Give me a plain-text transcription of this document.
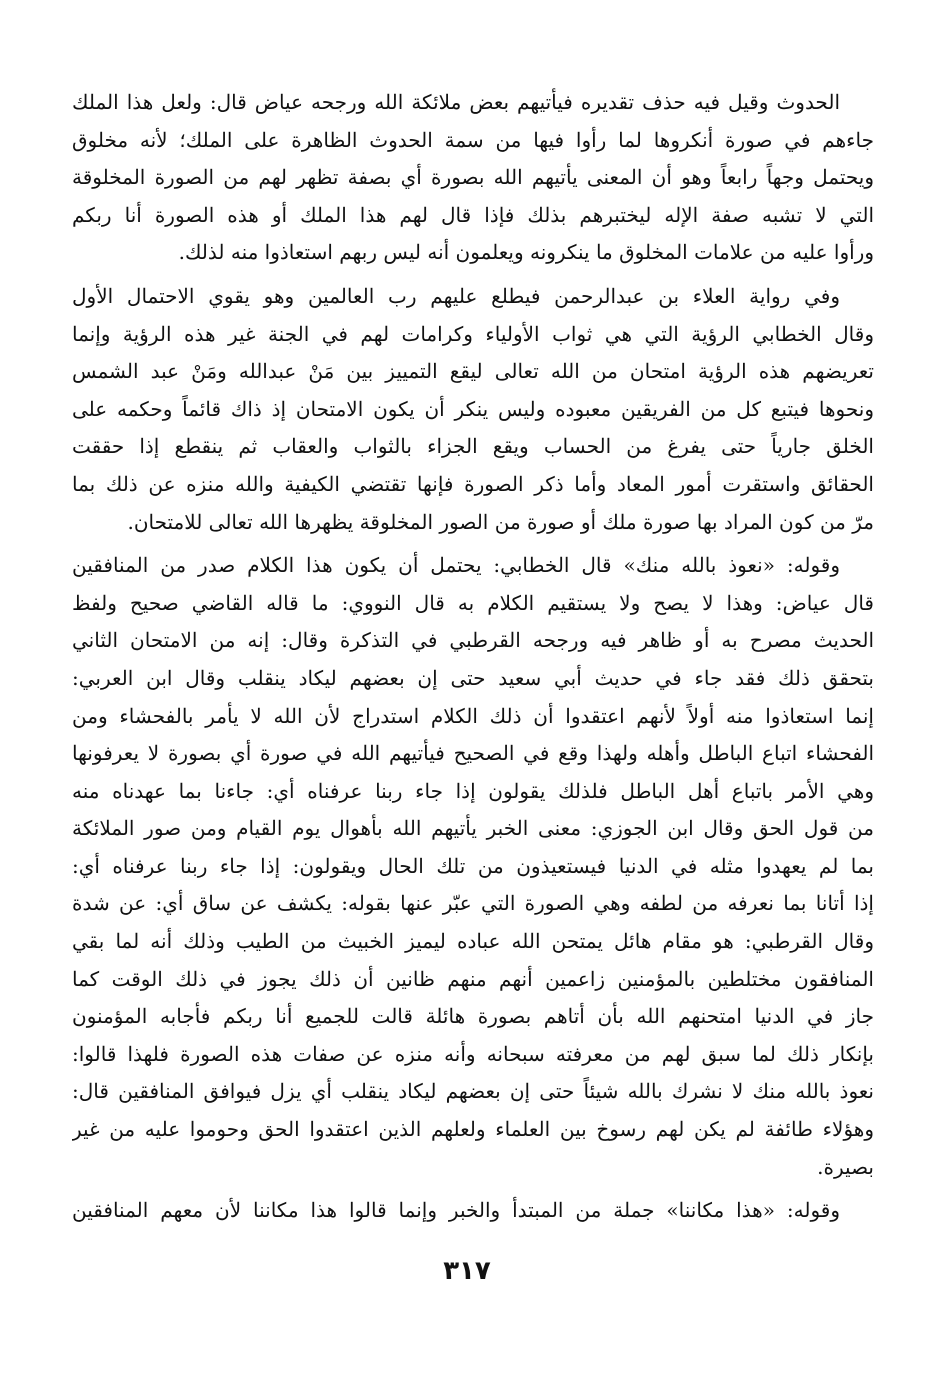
الحدوث وقيل فيه حذف تقديره فيأتيهم بعض ملائكة الله ورجحه عياض قال: ولعل هذا الملك
جاءهم في صورة أنكروها لما رأوا فيها من سمة الحدوث الظاهرة على الملك؛ لأنه مخلوق
ويحتمل وجهاً رابعاً وهو أن المعنى يأتيهم الله بصورة أي بصفة تظهر لهم من الصورة المخلوقة
التي لا تشبه صفة الإله ليختبرهم بذلك فإذا قال لهم هذا الملك أو هذه الصورة أنا ربكم
ورأوا عليه من علامات المخلوق ما ينكرونه ويعلمون أنه ليس ربهم استعاذوا منه لذلك.
وفي رواية العلاء بن عبدالرحمن فيطلع عليهم رب العالمين وهو يقوي الاحتمال الأول
وقال الخطابي الرؤية التي هي ثواب الأولياء وكرامات لهم في الجنة غير هذه الرؤية وإنما
تعريضهم هذه الرؤية امتحان من الله تعالى ليقع التمييز بين مَنْ عبدالله ومَنْ عبد الشمس
ونحوها فيتبع كل من الفريقين معبوده وليس ينكر أن يكون الامتحان إذ ذاك قائماً وحكمه على
الخلق جارياً حتى يفرغ من الحساب ويقع الجزاء بالثواب والعقاب ثم ينقطع إذا حققت
الحقائق واستقرت أمور المعاد وأما ذكر الصورة فإنها تقتضي الكيفية والله منزه عن ذلك بما
مرّ من كون المراد بها صورة ملك أو صورة من الصور المخلوقة يظهرها الله تعالى للامتحان.
وقوله: «نعوذ بالله منك» قال الخطابي: يحتمل أن يكون هذا الكلام صدر من المنافقين
قال عياض: وهذا لا يصح ولا يستقيم الكلام به قال النووي: ما قاله القاضي صحيح ولفظ
الحديث مصرح به أو ظاهر فيه ورجحه القرطبي في التذكرة وقال: إنه من الامتحان الثاني
بتحقق ذلك فقد جاء في حديث أبي سعيد حتى إن بعضهم ليكاد ينقلب وقال ابن العربي:
إنما استعاذوا منه أولاً لأنهم اعتقدوا أن ذلك الكلام استدراج لأن الله لا يأمر بالفحشاء ومن
الفحشاء اتباع الباطل وأهله ولهذا وقع في الصحيح فيأتيهم الله في صورة أي بصورة لا يعرفونها
وهي الأمر باتباع أهل الباطل فلذلك يقولون إذا جاء ربنا عرفناه أي: جاءنا بما عهدناه منه
من قول الحق وقال ابن الجوزي: معنى الخبر يأتيهم الله بأهوال يوم القيام ومن صور الملائكة
بما لم يعهدوا مثله في الدنيا فيستعيذون من تلك الحال ويقولون: إذا جاء ربنا عرفناه أي:
إذا أتانا بما نعرفه من لطفه وهي الصورة التي عبّر عنها بقوله: يكشف عن ساق أي: عن شدة
وقال القرطبي: هو مقام هائل يمتحن الله عباده ليميز الخبيث من الطيب وذلك أنه لما بقي
المنافقون مختلطين بالمؤمنين زاعمين أنهم منهم ظانين أن ذلك يجوز في ذلك الوقت كما
جاز في الدنيا امتحنهم الله بأن أتاهم بصورة هائلة قالت للجميع أنا ربكم فأجابه المؤمنون
بإنكار ذلك لما سبق لهم من معرفته سبحانه وأنه منزه عن صفات هذه الصورة فلهذا قالوا:
نعوذ بالله منك لا نشرك بالله شيئاً حتى إن بعضهم ليكاد ينقلب أي يزل فيوافق المنافقين قال:
وهؤلاء طائفة لم يكن لهم رسوخ بين العلماء ولعلهم الذين اعتقدوا الحق وحوموا عليه من غير
بصيرة.
وقوله: «هذا مكاننا» جملة من المبتدأ والخبر وإنما قالوا هذا مكاننا لأن معهم المنافقين
٣١٧
